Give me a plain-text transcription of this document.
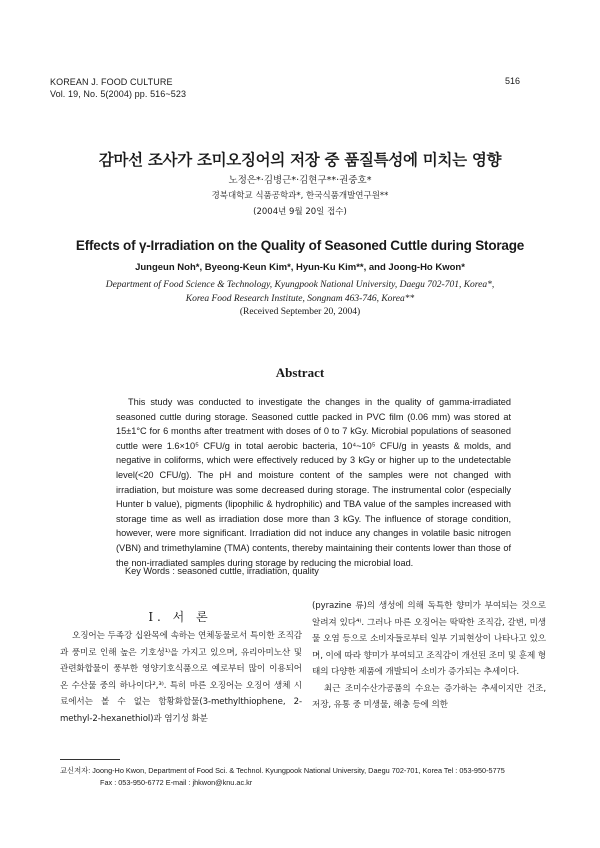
KOREAN J. FOOD CULTURE
Vol. 19, No. 5(2004) pp. 516~523
516
감마선 조사가 조미오징어의 저장 중 품질특성에 미치는 영향
노정은*·김병근*·김현구**·권중호*
경북대학교 식품공학과*, 한국식품개발연구원**
(2004년 9월 20일 접수)
Effects of γ-Irradiation on the Quality of Seasoned Cuttle during Storage
Jungeun Noh*, Byeong-Keun Kim*, Hyun-Ku Kim**, and Joong-Ho Kwon*
Department of Food Science & Technology, Kyungpook National University, Daegu 702-701, Korea*,
Korea Food Research Institute, Songnam 463-746, Korea**
(Received September 20, 2004)
Abstract
This study was conducted to investigate the changes in the quality of gamma-irradiated seasoned cuttle during storage. Seasoned cuttle packed in PVC film (0.06 mm) was stored at 15±1°C for 6 months after treatment with doses of 0 to 7 kGy. Microbial populations of seasoned cuttle were 1.6×10⁵ CFU/g in total aerobic bacteria, 10⁴~10⁵ CFU/g in yeasts & molds, and negative in coliforms, which were effectively reduced by 3 kGy or higher up to the undetectable level(<20 CFU/g). The pH and moisture content of the samples were not changed with irradiation, but moisture was some decreased during storage. The instrumental color (especially Hunter b value), pigments (lipophilic & hydrophilic) and TBA value of the samples increased with storage time as well as irradiation dose more than 3 kGy. The influence of storage condition, however, were more significant. Irradiation did not induce any changes in volatile basic nitrogen (VBN) and trimethylamine (TMA) contents, thereby maintaining their contents lower than those of the non-irradiated samples during storage by reducing the microbial load.
Key Words : seasoned cuttle, irradiation, quality
I. 서 론

오징어는 두족강 십완목에 속하는 연체동물로서 특이한 조직감과 풍미로 인해 높은 기호성¹⁾을 가지고 있으며, 유리아미노산 및 관련화합물이 풍부한 영양기호식품으로 예로부터 많이 이용되어온 수산물 중의 하나이다²,³⁾. 특히 마른 오징어는 오징어 생체 시료에서는 볼 수 없는 함황화합물(3-methylthiophene, 2-methyl-2-hexanethiol)과 염기성 화분

(pyrazine 류)의 생성에 의해 독특한 향미가 부여되는 것으로 알려져 있다⁴⁾. 그러나 마른 오징어는 딱딱한 조직감, 갈변, 미생물 오염 등으로 소비자들로부터 일부 기피현상이 나타나고 있으며, 이에 따라 향미가 부여되고 조직감이 개선된 조미 및 훈제 형태의 다양한 제품에 개발되어 소비가 증가되는 추세이다.

최근 조미수산가공품의 수요는 증가하는 추세이지만 건조, 저장, 유통 중 미생물, 해충 등에 의한

교신저자: Joong-Ho Kwon, Department of Food Sci. & Technol. Kyungpook National University, Daegu 702-701, Korea Tel : 053-950-5775
Fax : 053-950-6772 E-mail : jhkwon@knu.ac.kr
